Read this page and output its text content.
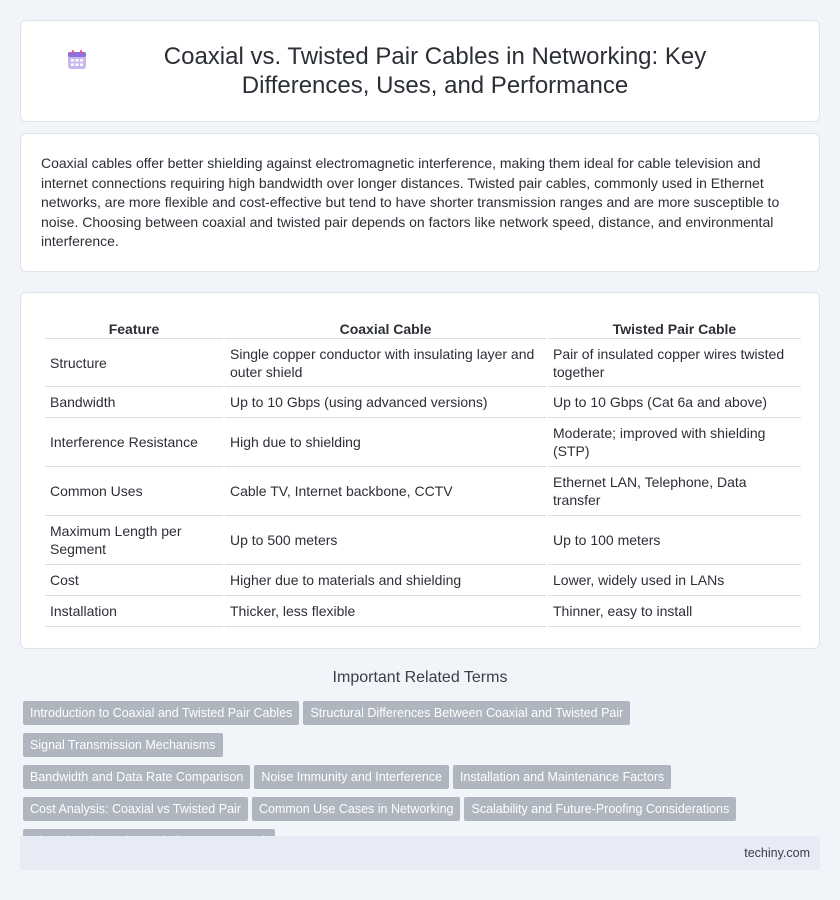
Coaxial vs. Twisted Pair Cables in Networking: Key Differences, Uses, and Performance

Coaxial cables offer better shielding against electromagnetic interference, making them ideal for cable television and internet connections requiring high bandwidth over longer distances. Twisted pair cables, commonly used in Ethernet networks, are more flexible and cost-effective but tend to have shorter transmission ranges and are more susceptible to noise. Choosing between coaxial and twisted pair depends on factors like network speed, distance, and environmental interference.

Feature	Coaxial Cable	Twisted Pair Cable
Structure	Single copper conductor with insulating layer and outer shield	Pair of insulated copper wires twisted together
Bandwidth	Up to 10 Gbps (using advanced versions)	Up to 10 Gbps (Cat 6a and above)
Interference Resistance	High due to shielding	Moderate; improved with shielding (STP)
Common Uses	Cable TV, Internet backbone, CCTV	Ethernet LAN, Telephone, Data transfer
Maximum Length per Segment	Up to 500 meters	Up to 100 meters
Cost	Higher due to materials and shielding	Lower, widely used in LANs
Installation	Thicker, less flexible	Thinner, easy to install
Important Related Terms
Introduction to Coaxial and Twisted Pair Cables Structural Differences Between Coaxial and Twisted PairSignal Transmission Mechanisms
Bandwidth and Data Rate Comparison Noise Immunity and Interference Installation and Maintenance Factors
Cost Analysis: Coaxial vs Twisted Pair Common Use Cases in Networking Scalability and Future-Proofing Considerations

techiny.com
